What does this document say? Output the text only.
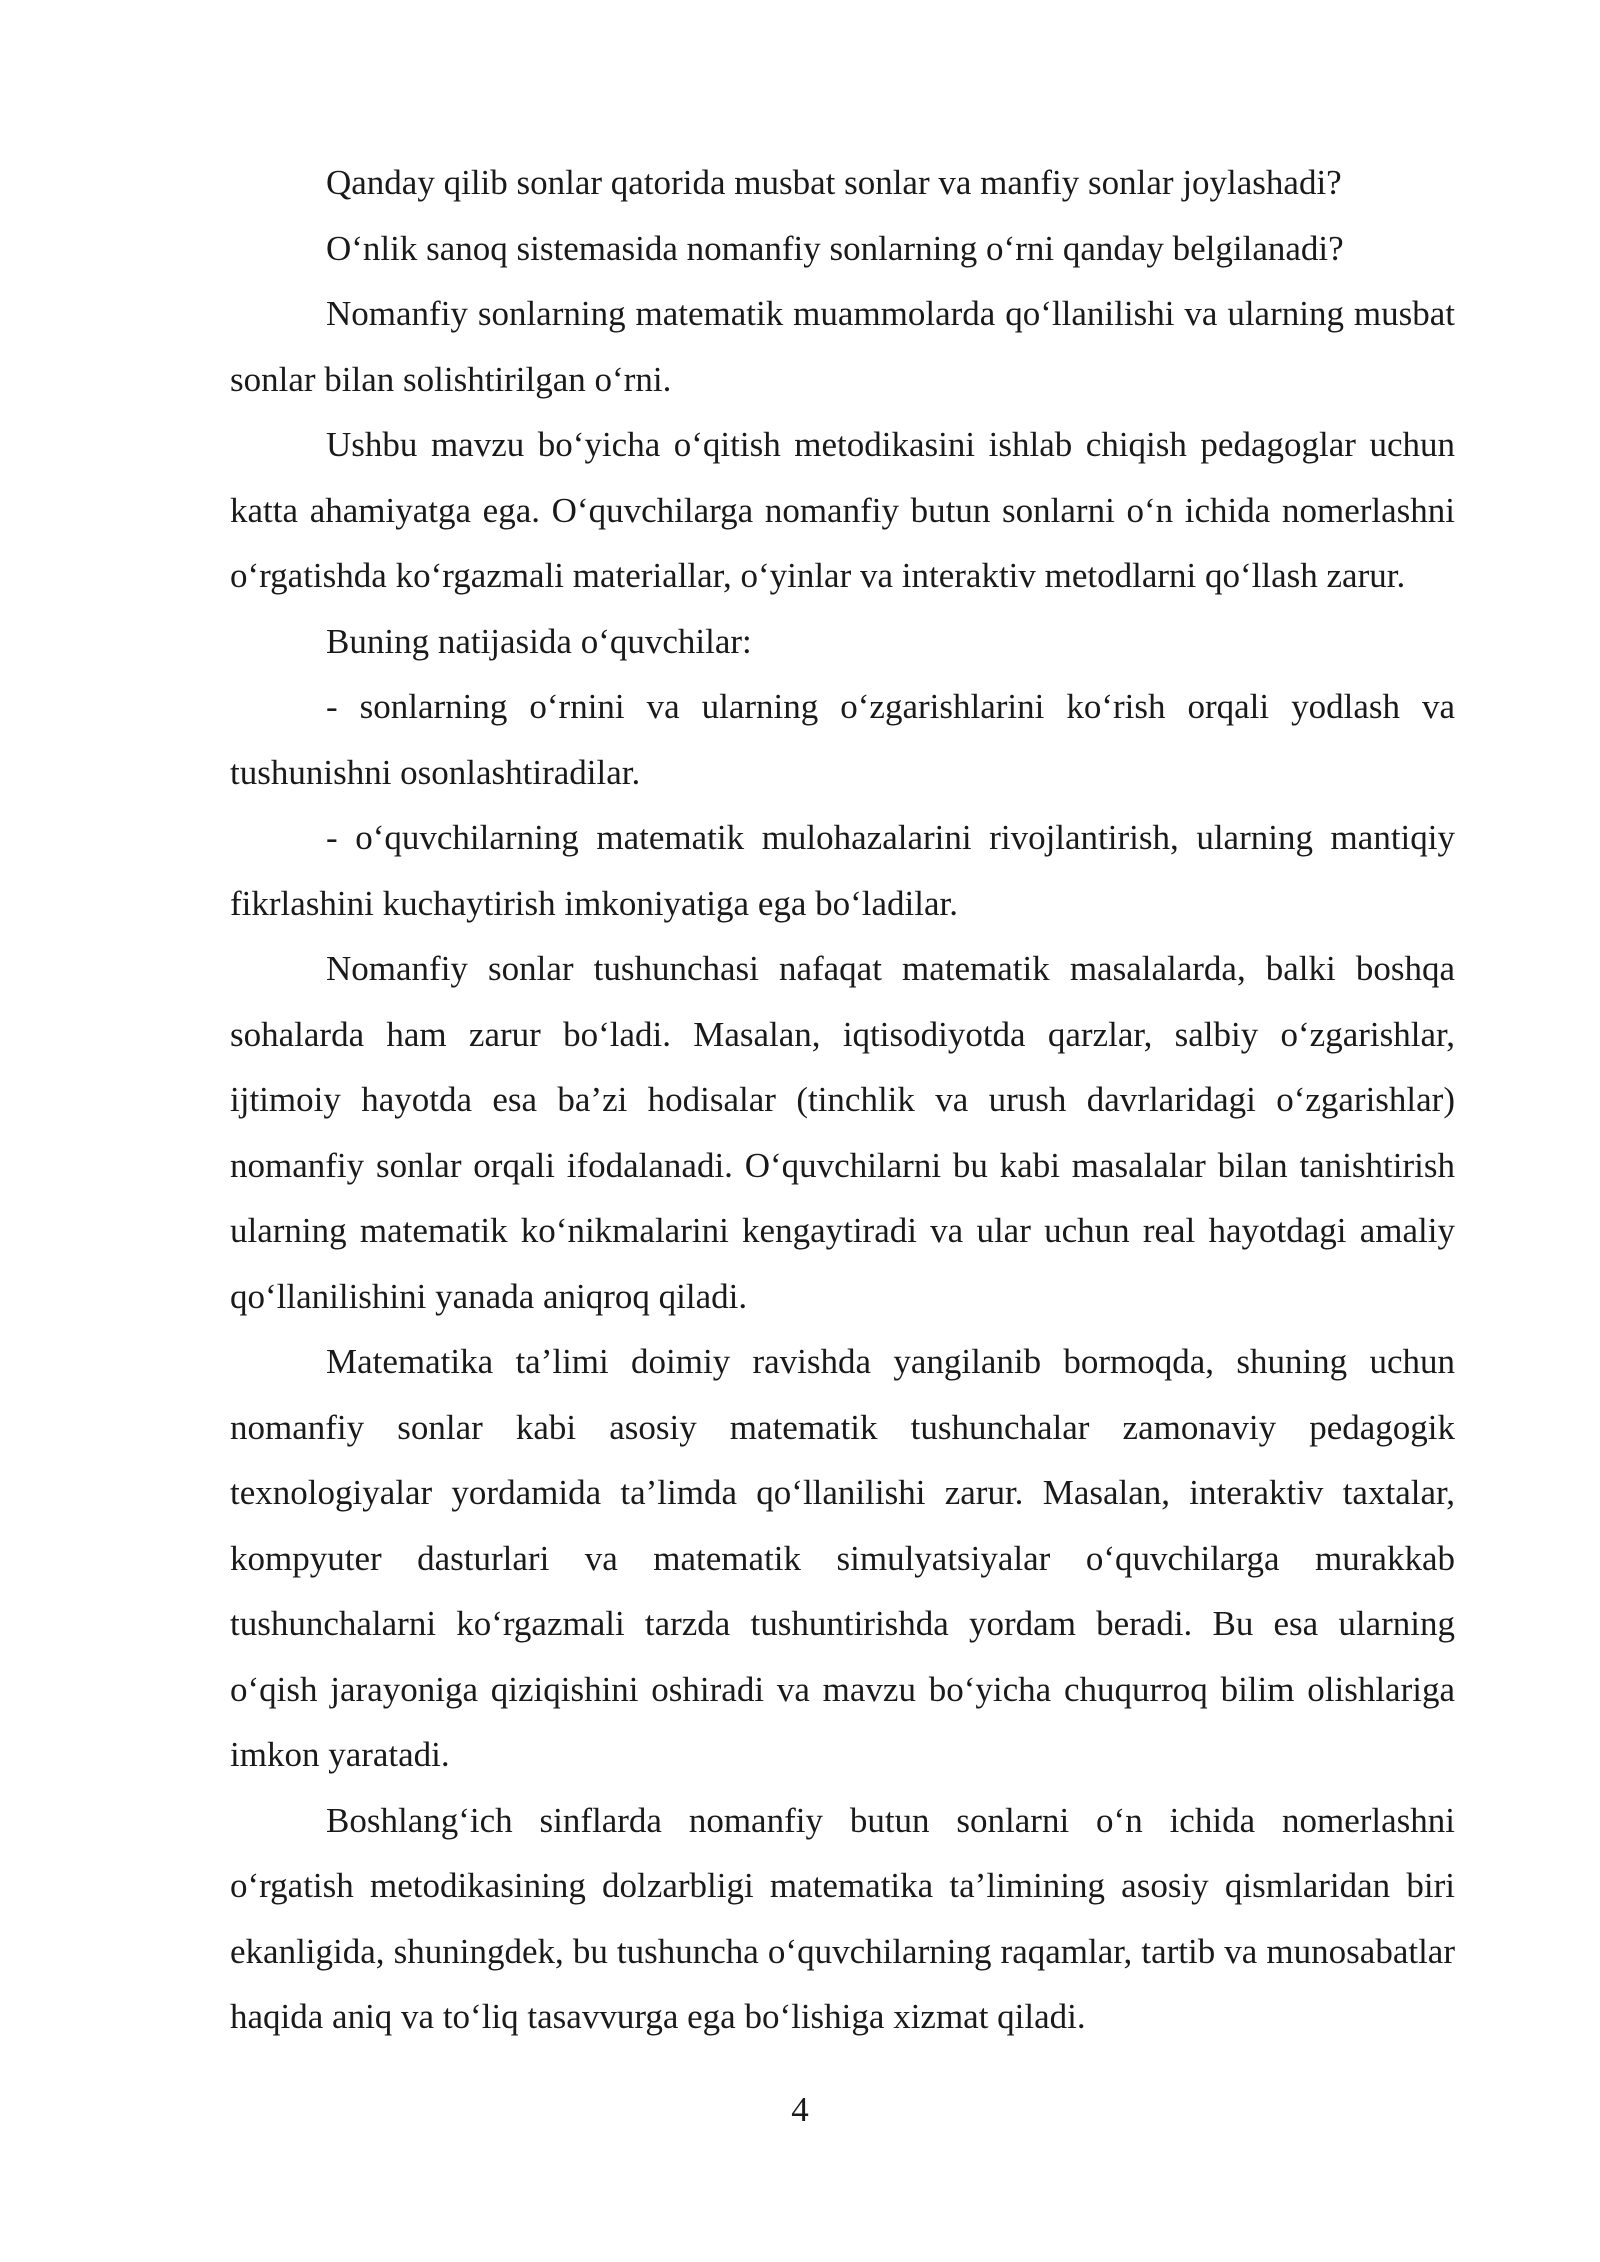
Qanday qilib sonlar qatorida musbat sonlar va manfiy sonlar joylashadi?

O‘nlik sanoq sistemasida nomanfiy sonlarning o‘rni qanday belgilanadi?

Nomanfiy sonlarning matematik muammolarda qo‘llanilishi va ularning musbat sonlar bilan solishtirilgan o‘rni.

Ushbu mavzu bo‘yicha o‘qitish metodikasini ishlab chiqish pedagoglar uchun katta ahamiyatga ega. O‘quvchilarga nomanfiy butun sonlarni o‘n ichida nomerlashni o‘rgatishda ko‘rgazmali materiallar, o‘yinlar va interaktiv metodlarni qo‘llash zarur.

Buning natijasida o‘quvchilar:

- sonlarning o‘rnini va ularning o‘zgarishlarini ko‘rish orqali yodlash va tushunishni osonlashtiradilar.

- o‘quvchilarning matematik mulohazalarini rivojlantirish, ularning mantiqiy fikrlashini kuchaytirish imkoniyatiga ega bo‘ladilar.

Nomanfiy sonlar tushunchasi nafaqat matematik masalalarda, balki boshqa sohalarda ham zarur bo‘ladi. Masalan, iqtisodiyotda qarzlar, salbiy o‘zgarishlar, ijtimoiy hayotda esa ba’zi hodisalar (tinchlik va urush davrlaridagi o‘zgarishlar) nomanfiy sonlar orqali ifodalanadi. O‘quvchilarni bu kabi masalalar bilan tanishtirish ularning matematik ko‘nikmalarini kengaytiradi va ular uchun real hayotdagi amaliy qo‘llanilishini yanada aniqroq qiladi.

Matematika ta’limi doimiy ravishda yangilanib bormoqda, shuning uchun nomanfiy sonlar kabi asosiy matematik tushunchalar zamonaviy pedagogik texnologiyalar yordamida ta’limda qo‘llanilishi zarur. Masalan, interaktiv taxtalar, kompyuter dasturlari va matematik simulyatsiyalar o‘quvchilarga murakkab tushunchalarni ko‘rgazmali tarzda tushuntirishda yordam beradi. Bu esa ularning o‘qish jarayoniga qiziqishini oshiradi va mavzu bo‘yicha chuqurroq bilim olishlariga imkon yaratadi.

Boshlang‘ich sinflarda nomanfiy butun sonlarni o‘n ichida nomerlashni o‘rgatish metodikasining dolzarbligi matematika ta’limining asosiy qismlaridan biri ekanligida, shuningdek, bu tushuncha o‘quvchilarning raqamlar, tartib va munosabatlar haqida aniq va to‘liq tasavvurga ega bo‘lishiga xizmat qiladi.

4
